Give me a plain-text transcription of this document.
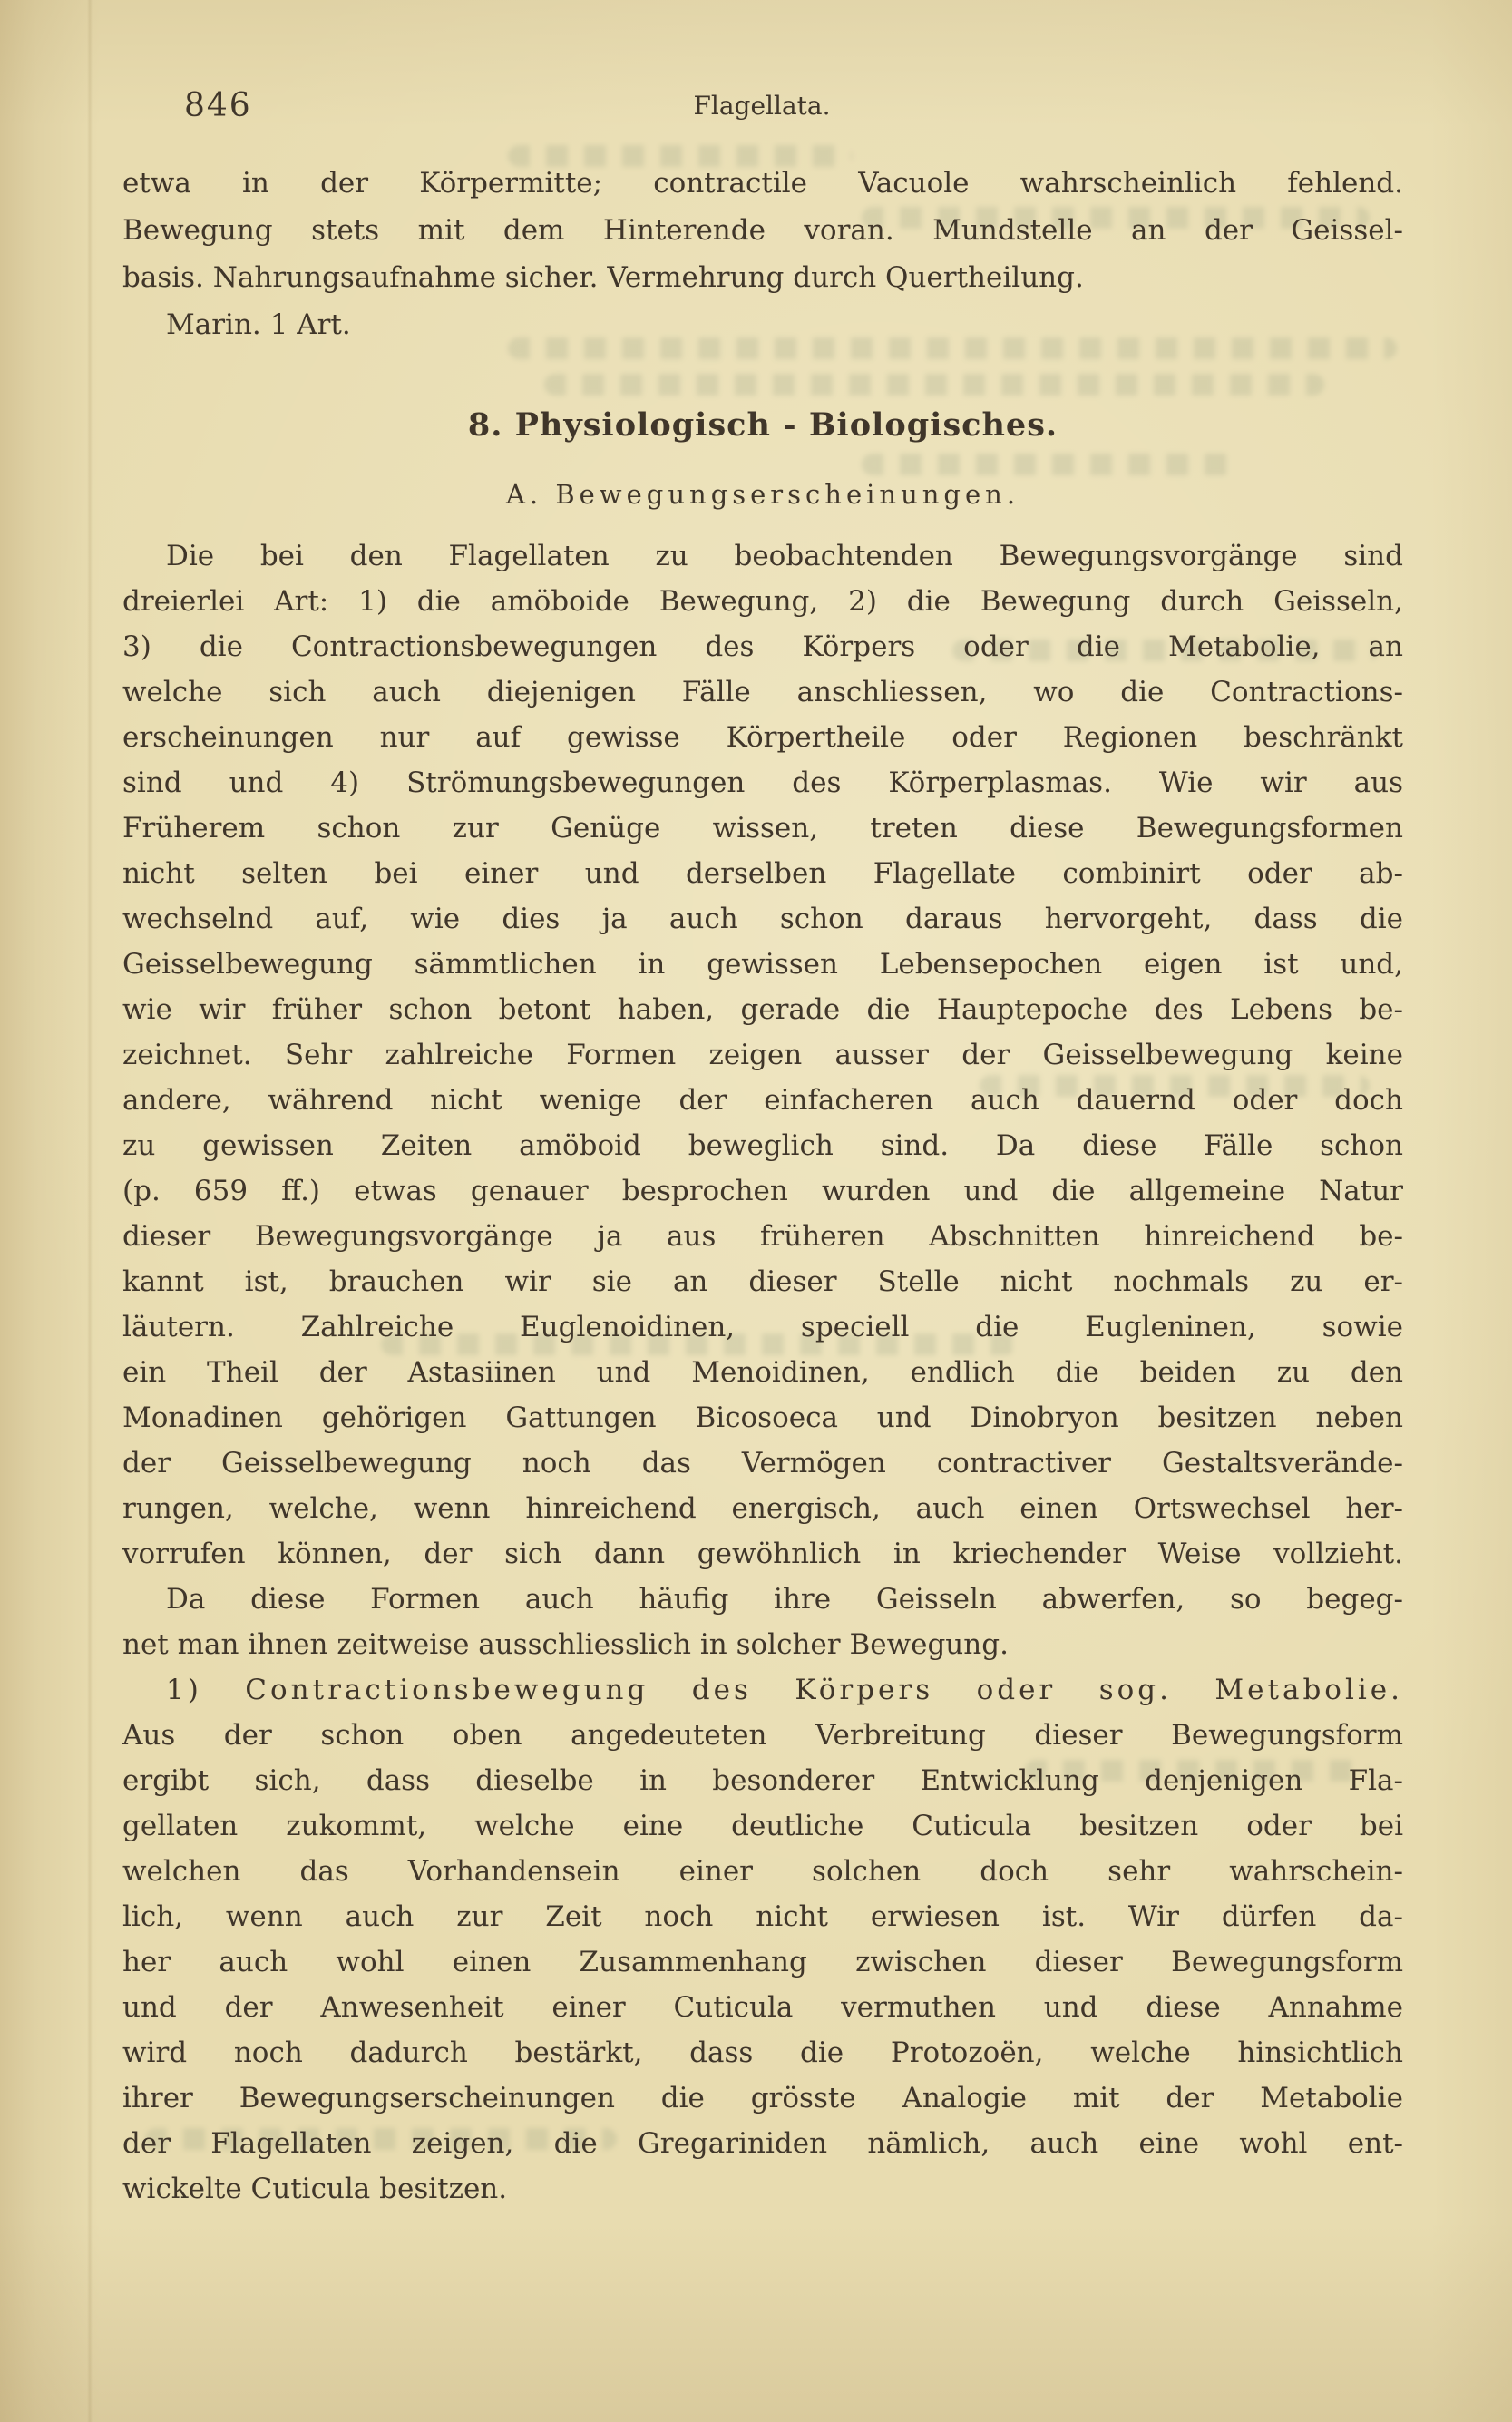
846	Flagellata.
etwa in der Körpermitte; contractile Vacuole wahrscheinlich fehlend.
Bewegung stets mit dem Hinterende voran. Mundstelle an der Geissel-
basis. Nahrungsaufnahme sicher. Vermehrung durch Quertheilung.
Marin. 1 Art.
8. Physiologisch - Biologisches.
A. Bewegungserscheinungen.
Die bei den Flagellaten zu beobachtenden Bewegungsvorgänge sind
dreierlei Art: 1) die amöboide Bewegung, 2) die Bewegung durch Geisseln,
3) die Contractionsbewegungen des Körpers oder die Metabolie, an
welche sich auch diejenigen Fälle anschliessen, wo die Contractions-
erscheinungen nur auf gewisse Körpertheile oder Regionen beschränkt
sind und 4) Strömungsbewegungen des Körperplasmas. Wie wir aus
Früherem schon zur Genüge wissen, treten diese Bewegungsformen
nicht selten bei einer und derselben Flagellate combinirt oder ab-
wechselnd auf, wie dies ja auch schon daraus hervorgeht, dass die
Geisselbewegung sämmtlichen in gewissen Lebensepochen eigen ist und,
wie wir früher schon betont haben, gerade die Hauptepoche des Lebens be-
zeichnet. Sehr zahlreiche Formen zeigen ausser der Geisselbewegung keine
andere, während nicht wenige der einfacheren auch dauernd oder doch
zu gewissen Zeiten amöboid beweglich sind. Da diese Fälle schon
(p. 659 ff.) etwas genauer besprochen wurden und die allgemeine Natur
dieser Bewegungsvorgänge ja aus früheren Abschnitten hinreichend be-
kannt ist, brauchen wir sie an dieser Stelle nicht nochmals zu er-
läutern. Zahlreiche Euglenoidinen, speciell die Eugleninen, sowie
ein Theil der Astasiinen und Menoidinen, endlich die beiden zu den
Monadinen gehörigen Gattungen Bicosoeca und Dinobryon besitzen neben
der Geisselbewegung noch das Vermögen contractiver Gestaltsverände-
rungen, welche, wenn hinreichend energisch, auch einen Ortswechsel her-
vorrufen können, der sich dann gewöhnlich in kriechender Weise vollzieht.
Da diese Formen auch häufig ihre Geisseln abwerfen, so begeg-
net man ihnen zeitweise ausschliesslich in solcher Bewegung.
1) Contractionsbewegung des Körpers oder sog. Metabolie.
Aus der schon oben angedeuteten Verbreitung dieser Bewegungsform
ergibt sich, dass dieselbe in besonderer Entwicklung denjenigen Fla-
gellaten zukommt, welche eine deutliche Cuticula besitzen oder bei
welchen das Vorhandensein einer solchen doch sehr wahrschein-
lich, wenn auch zur Zeit noch nicht erwiesen ist. Wir dürfen da-
her auch wohl einen Zusammenhang zwischen dieser Bewegungsform
und der Anwesenheit einer Cuticula vermuthen und diese Annahme
wird noch dadurch bestärkt, dass die Protozoën, welche hinsichtlich
ihrer Bewegungserscheinungen die grösste Analogie mit der Metabolie
der Flagellaten zeigen, die Gregariniden nämlich, auch eine wohl ent-
wickelte Cuticula besitzen.
